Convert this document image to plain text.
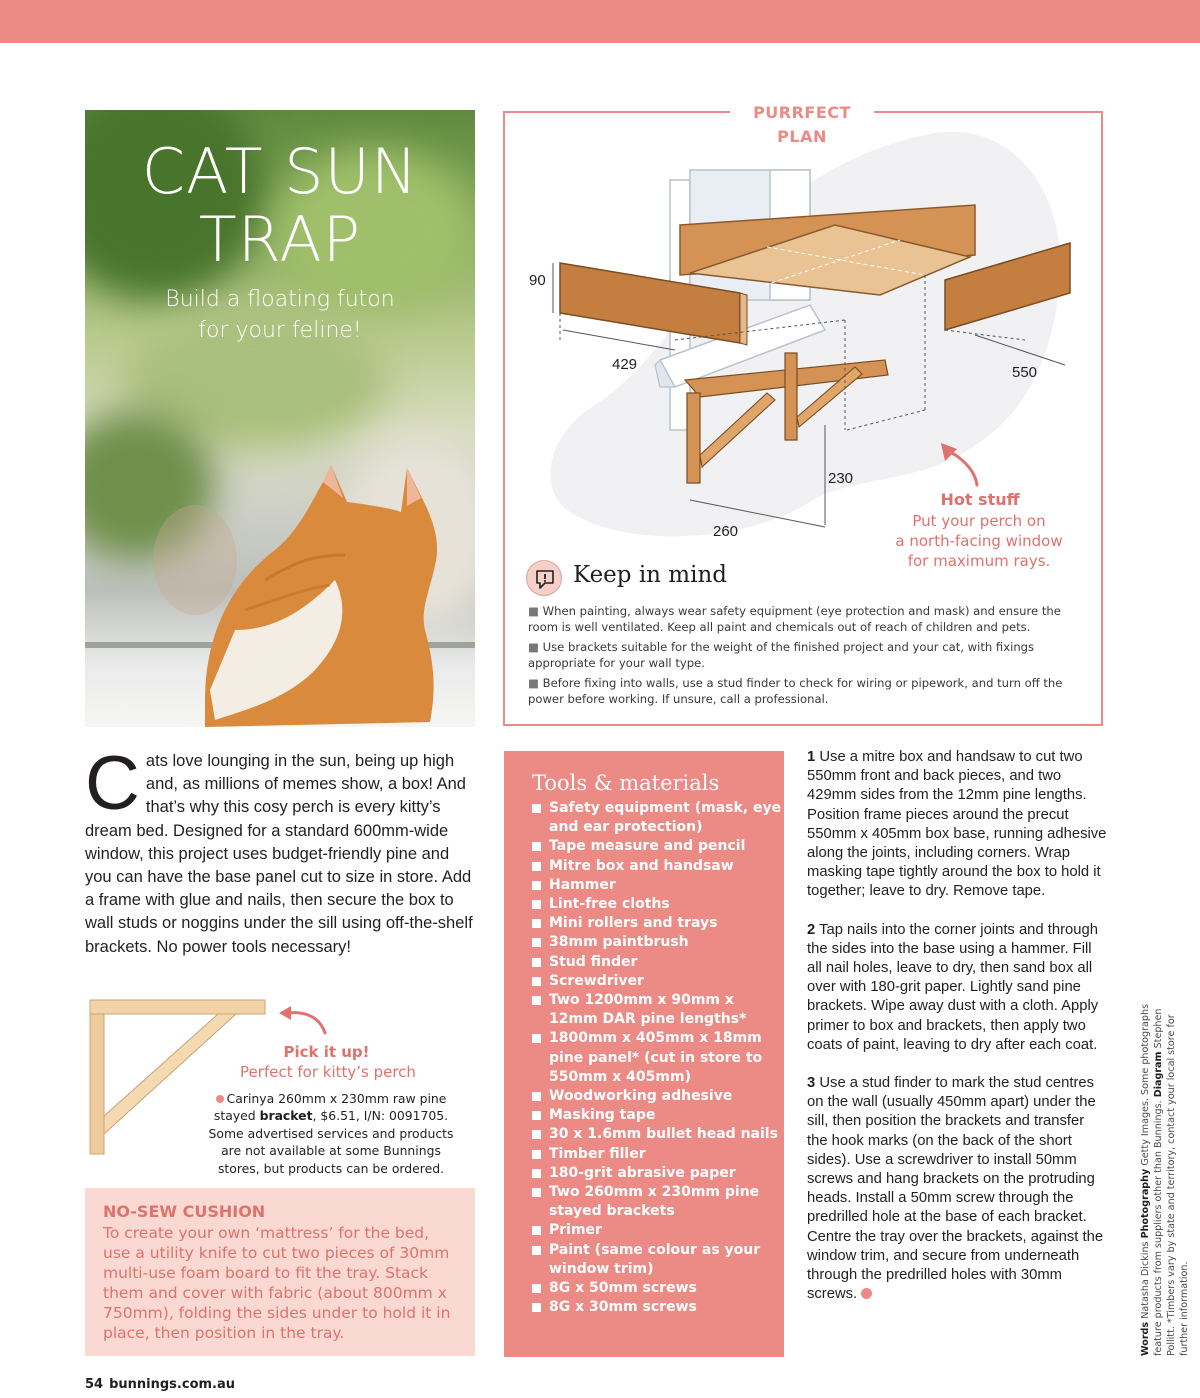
CAT SUN
TRAP
Build a floating futon
for your feline!
PURRFECT PLAN
90
429	550
230
260
Hot stuff
Put your perch on
a north-facing window
for maximum rays.
Keep in mind
■ When painting, always wear safety equipment (eye protection and mask) and ensure the room is well ventilated. Keep all paint and chemicals out of reach of children and pets.
■ Use brackets suitable for the weight of the finished project and your cat, with fixings appropriate for your wall type.
■ Before fixing into walls, use a stud finder to check for wiring or pipework, and turn off the power before working. If unsure, call a professional.
Cats love lounging in the sun, being up high and, as millions of memes show, a box! And that’s why this cosy perch is every kitty’s dream bed. Designed for a standard 600mm-wide window, this project uses budget-friendly pine and you can have the base panel cut to size in store. Add a frame with glue and nails, then secure the box to wall studs or noggins under the sill using off-the-shelf brackets. No power tools necessary!
Pick it up!
Perfect for kitty’s perch
Carinya 260mm x 230mm raw pine stayed bracket, $6.51, I/N: 0091705. Some advertised services and products are not available at some Bunnings stores, but products can be ordered.
NO-SEW CUSHION
To create your own ‘mattress’ for the bed, use a utility knife to cut two pieces of 30mm multi-use foam board to fit the tray. Stack them and cover with fabric (about 800mm x 750mm), folding the sides under to hold it in place, then position in the tray.
Tools & materials
Safety equipment (mask, eye and ear protection)
Tape measure and pencil
Mitre box and handsaw
Hammer
Lint-free cloths
Mini rollers and trays
38mm paintbrush
Stud finder
Screwdriver
Two 1200mm x 90mm x 12mm DAR pine lengths*
1800mm x 405mm x 18mm pine panel* (cut in store to 550mm x 405mm)
Woodworking adhesive
Masking tape
30 x 1.6mm bullet head nails
Timber filler
180-grit abrasive paper
Two 260mm x 230mm pine stayed brackets
Primer
Paint (same colour as your window trim)
8G x 50mm screws
8G x 30mm screws

1 Use a mitre box and handsaw to cut two 550mm front and back pieces, and two 429mm sides from the 12mm pine lengths. Position frame pieces around the precut 550mm x 405mm box base, running adhesive along the joints, including corners. Wrap masking tape tightly around the box to hold it together; leave to dry. Remove tape.

2 Tap nails into the corner joints and through the sides into the base using a hammer. Fill all nail holes, leave to dry, then sand box all over with 180-grit paper. Lightly sand pine brackets. Wipe away dust with a cloth. Apply primer to box and brackets, then apply two coats of paint, leaving to dry after each coat.

3 Use a stud finder to mark the stud centres on the wall (usually 450mm apart) under the sill, then position the brackets and transfer the hook marks (on the back of the short sides). Use a screwdriver to install 50mm screws and hang brackets on the protruding heads. Install a 50mm screw through the predrilled hole at the base of each bracket. Centre the tray over the brackets, against the window trim, and secure from underneath through the predrilled holes with 30mm screws.

Words Natasha Dickins Photography Getty Images. Some photographs feature products from suppliers other than Bunnings. Diagram Stephen Pollitt. *Timbers vary by state and territory, contact your local store for further information.
54 bunnings.com.au
